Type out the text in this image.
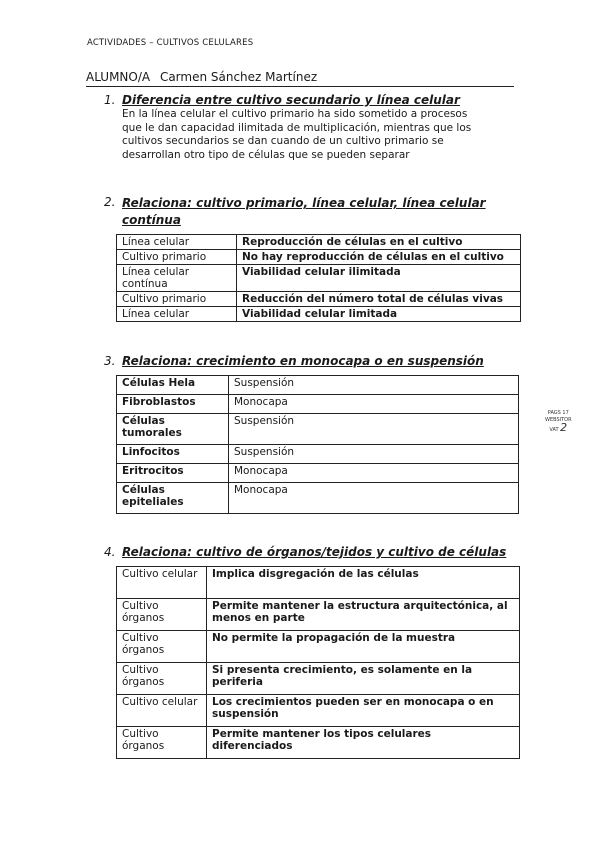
ACTIVIDADES – CULTIVOS CELULARES
ALUMNO/A Carmen Sánchez Martínez
1. Diferencia entre cultivo secundario y línea celular
En la línea celular el cultivo primario ha sido sometido a procesos
que le dan capacidad ilimitada de multiplicación, mientras que los
cultivos secundarios se dan cuando de un cultivo primario se
desarrollan otro tipo de células que se pueden separar
2. Relaciona: cultivo primario, línea celular, línea celular
contínua
Línea celular	Reproducción de células en el cultivo
Cultivo primario	No hay reproducción de células en el cultivo
Línea celular contínua	Viabilidad celular ilimitada
Cultivo primario	Reducción del número total de células vivas
Línea celular	Viabilidad celular limitada
3. Relaciona: crecimiento en monocapa o en suspensión
Células Hela	Suspensión
Fibroblastos	Monocapa
Células tumorales	Suspensión
Linfocitos	Suspensión
Eritrocitos	Monocapa
Células epiteliales	Monocapa
PAGS 17
WEBSITOR
VAT 2
4. Relaciona: cultivo de órganos/tejidos y cultivo de células
Cultivo celular	Implica disgregación de las células
Cultivo órganos	Permite mantener la estructura arquitectónica, al menos en parte
Cultivo órganos	No permite la propagación de la muestra
Cultivo órganos	Si presenta crecimiento, es solamente en la periferia
Cultivo celular	Los crecimientos pueden ser en monocapa o en suspensión
Cultivo órganos	Permite mantener los tipos celulares diferenciados
